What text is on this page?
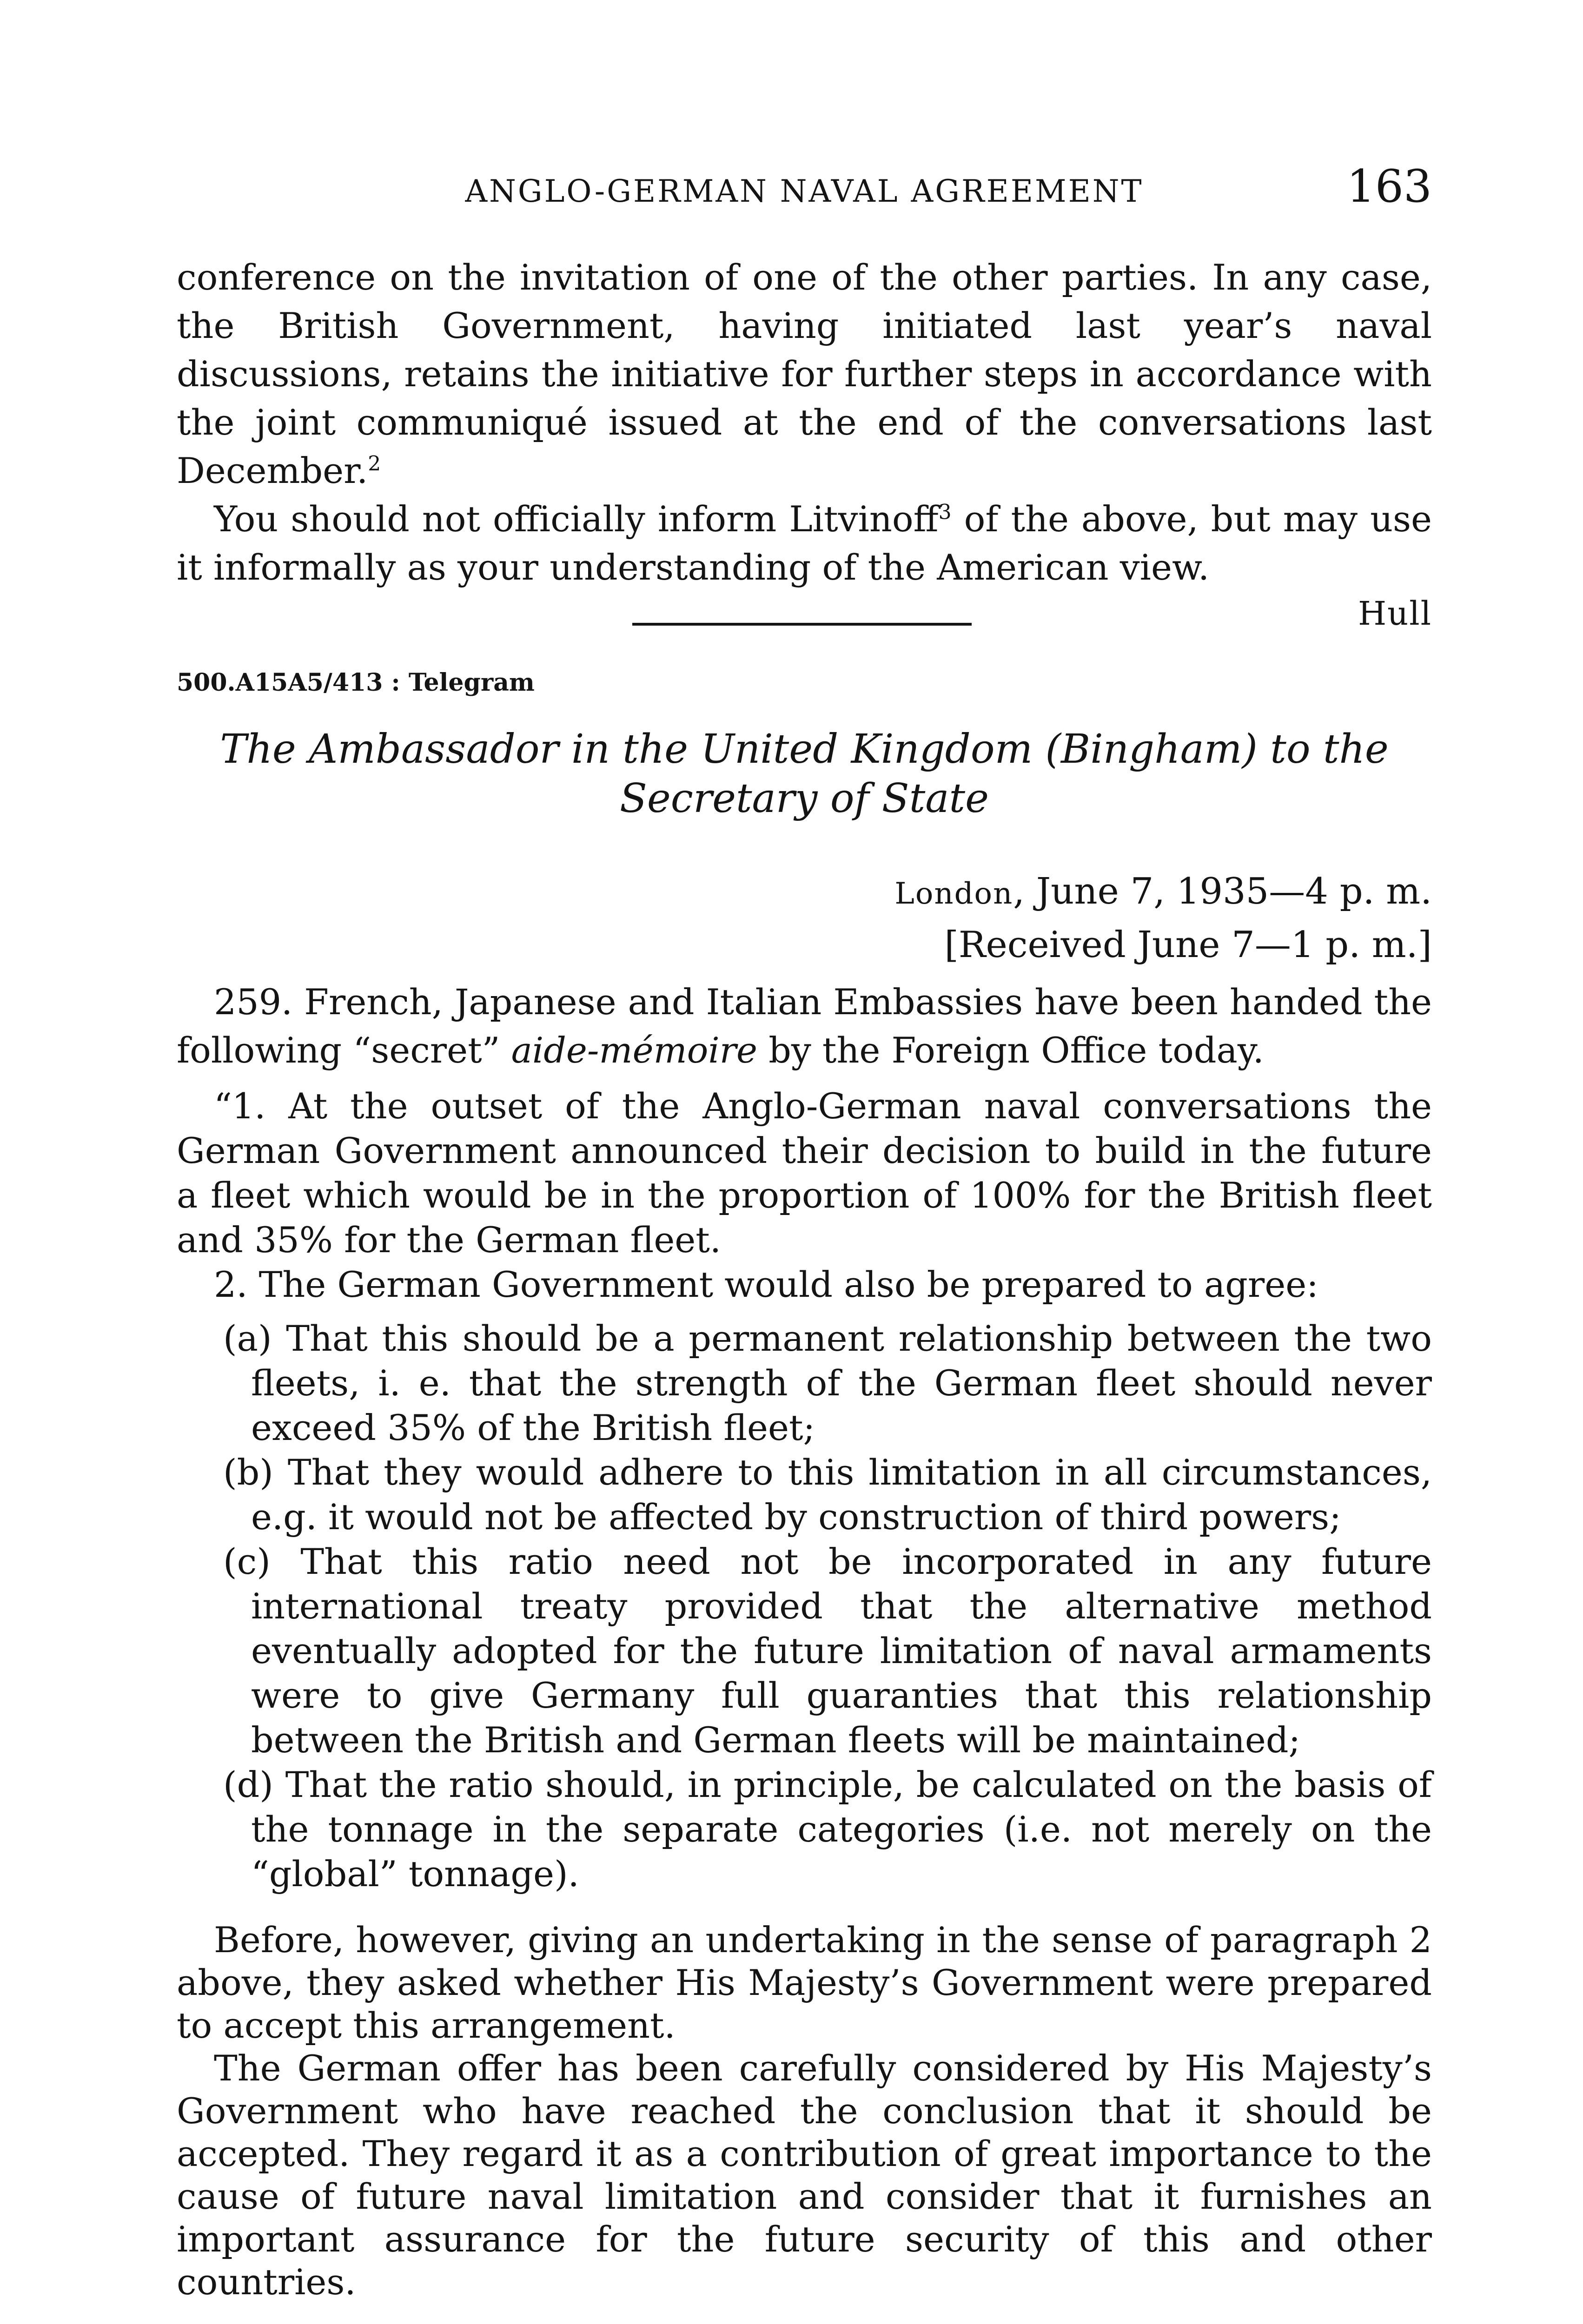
ANGLO-GERMAN NAVAL AGREEMENT	163

conference on the invitation of one of the other parties. In any case, the British Government, having initiated last year’s naval discussions, retains the initiative for further steps in accordance with the joint communiqué issued at the end of the conversations last December.$^2$

You should not officially inform Litvinoff$^3$ of the above, but may use it informally as your understanding of the American view.

Hull

500.A15A5/413 : Telegram

The Ambassador in the United Kingdom (Bingham) to the Secretary of State

London, June 7, 1935—4 p. m.

[Received June 7—1 p. m.]

259. French, Japanese and Italian Embassies have been handed the following “secret” aide-mémoire by the Foreign Office today.

“1. At the outset of the Anglo-German naval conversations the German Government announced their decision to build in the future a fleet which would be in the proportion of 100% for the British fleet and 35% for the German fleet.

2. The German Government would also be prepared to agree:

(a) That this should be a permanent relationship between the two fleets, i. e. that the strength of the German fleet should never exceed 35% of the British fleet;

(b) That they would adhere to this limitation in all circumstances, e.g. it would not be affected by construction of third powers;

(c) That this ratio need not be incorporated in any future international treaty provided that the alternative method eventually adopted for the future limitation of naval armaments were to give Germany full guaranties that this relationship between the British and German fleets will be maintained;

(d) That the ratio should, in principle, be calculated on the basis of the tonnage in the separate categories (i.e. not merely on the “global” tonnage).

Before, however, giving an undertaking in the sense of paragraph 2 above, they asked whether His Majesty’s Government were prepared to accept this arrangement.

The German offer has been carefully considered by His Majesty’s Government who have reached the conclusion that it should be accepted. They regard it as a contribution of great importance to the cause of future naval limitation and consider that it furnishes an important assurance for the future security of this and other countries.
